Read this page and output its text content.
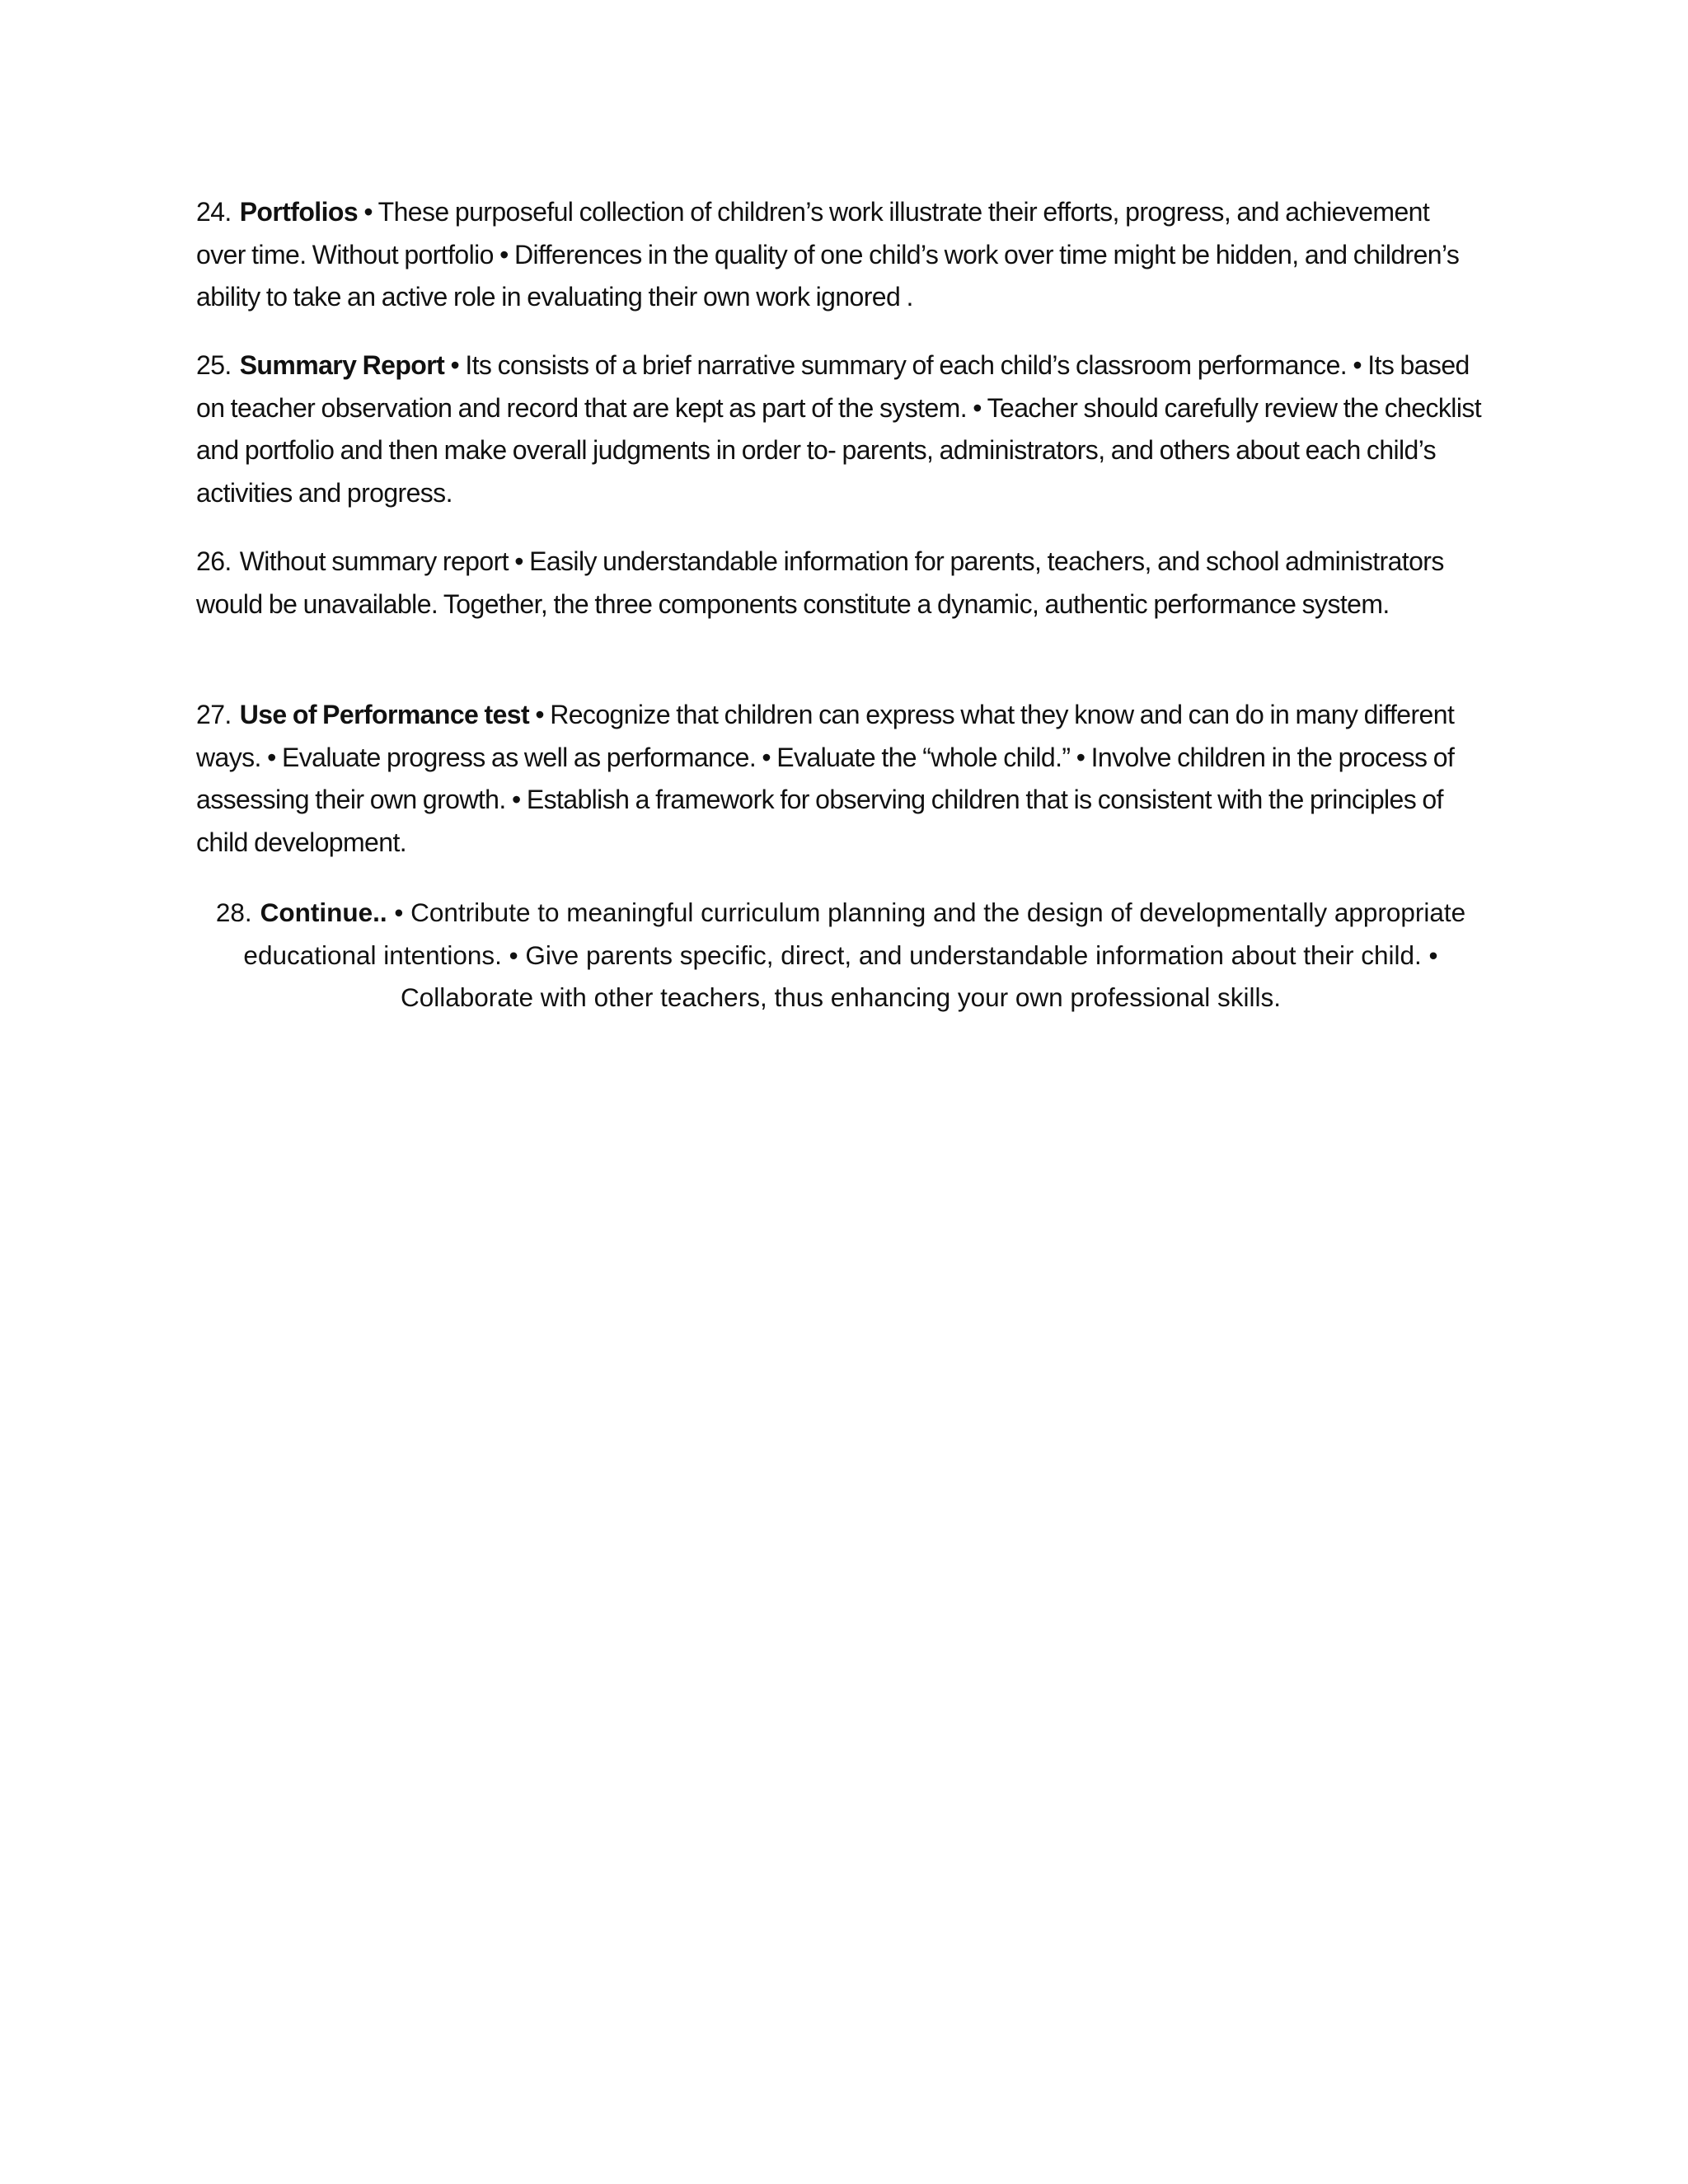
24. Portfolios • These purposeful collection of children’s work illustrate their efforts, progress, and achievement over time. Without portfolio • Differences in the quality of one child’s work over time might be hidden, and children’s ability to take an active role in evaluating their own work ignored .

25. Summary Report • Its consists of a brief narrative summary of each child’s classroom performance. • Its based on teacher observation and record that are kept as part of the system. • Teacher should carefully review the checklist and portfolio and then make overall judgments in order to- parents, administrators, and others about each child’s activities and progress.

26. Without summary report • Easily understandable information for parents, teachers, and school administrators would be unavailable. Together, the three components constitute a dynamic, authentic performance system.

27. Use of Performance test • Recognize that children can express what they know and can do in many different ways. • Evaluate progress as well as performance. • Evaluate the “whole child.” • Involve children in the process of assessing their own growth. • Establish a framework for observing children that is consistent with the principles of child development.

28. Continue.. • Contribute to meaningful curriculum planning and the design of developmentally appropriate educational intentions. • Give parents specific, direct, and understandable information about their child. • Collaborate with other teachers, thus enhancing your own professional skills.
